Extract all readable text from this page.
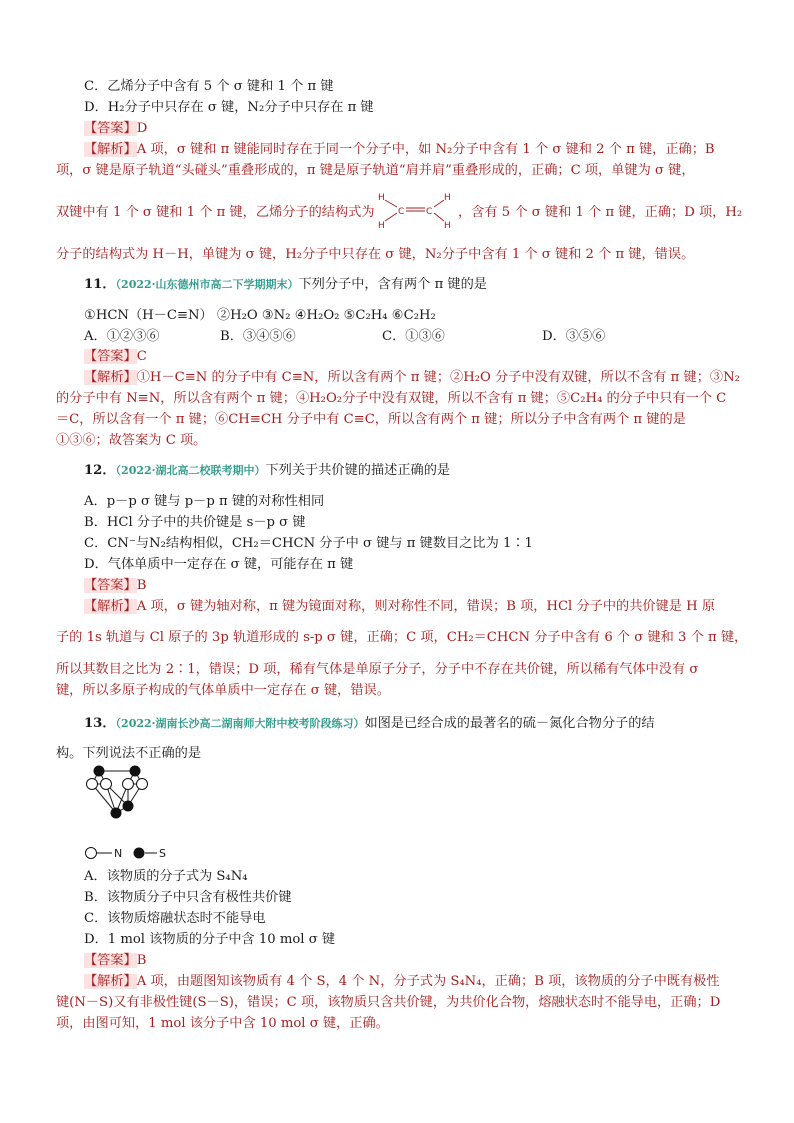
C．乙烯分子中含有 5 个 σ 键和 1 个 π 键
D．H₂分子中只存在 σ 键，N₂分子中只存在 π 键
【答案】D
【解析】A 项，σ 键和 π 键能同时存在于同一个分子中，如 N₂分子中含有 1 个 σ 键和 2 个 π 键，正确；B
项，σ 键是原子轨道“头碰头”重叠形成的，π 键是原子轨道“肩并肩”重叠形成的，正确；C 项，单键为 σ 键，
双键中有 1 个 σ 键和 1 个 π 键，乙烯分子的结构式为
H
C C
H
H	H
，含有 5 个 σ 键和 1 个 π 键，正确；D 项，H₂
分子的结构式为 H－H，单键为 σ 键，H₂分子中只存在 σ 键，N₂分子中含有 1 个 σ 键和 2 个 π 键，错误。
11．（2022·山东德州市高二下学期期末）下列分子中，含有两个 π 键的是
①HCN（H－C≡N） ②H₂O ③N₂ ④H₂O₂ ⑤C₂H₄ ⑥C₂H₂
A．①②③⑥	B．③④⑤⑥	C．①③⑥	D．③⑤⑥
【答案】C
【解析】①H－C≡N 的分子中有 C≡N，所以含有两个 π 键；②H₂O 分子中没有双键，所以不含有 π 键；③N₂
的分子中有 N≡N，所以含有两个 π 键；④H₂O₂分子中没有双键，所以不含有 π 键；⑤C₂H₄ 的分子中只有一个 C
＝C，所以含有一个 π 键；⑥CH≡CH 分子中有 C≡C，所以含有两个 π 键；所以分子中含有两个 π 键的是
①③⑥；故答案为 C 项。
12．（2022·湖北高二校联考期中）下列关于共价键的描述正确的是
A．p－p σ 键与 p－p π 键的对称性相同
B．HCl 分子中的共价键是 s－p σ 键
C．CN⁻与N₂结构相似，CH₂＝CHCN 分子中 σ 键与 π 键数目之比为 1∶1
D．气体单质中一定存在 σ 键，可能存在 π 键
【答案】B
【解析】A 项，σ 键为轴对称，π 键为镜面对称，则对称性不同，错误；B 项，HCl 分子中的共价键是 H 原
子的 1s 轨道与 Cl 原子的 3p 轨道形成的 s-p σ 键，正确；C 项，CH₂＝CHCN 分子中含有 6 个 σ 键和 3 个 π 键，
所以其数目之比为 2∶1，错误；D 项，稀有气体是单原子分子，分子中不存在共价键，所以稀有气体中没有 σ
键，所以多原子构成的气体单质中一定存在 σ 键，错误。
13．（2022·湖南长沙高二湖南师大附中校考阶段练习）如图是已经合成的最著名的硫－氮化合物分子的结
构。下列说法不正确的是
N	S
A．该物质的分子式为 S₄N₄
B．该物质分子中只含有极性共价键
C．该物质熔融状态时不能导电
D．1 mol 该物质的分子中含 10 mol σ 键
【答案】B
【解析】A 项，由题图知该物质有 4 个 S，4 个 N，分子式为 S₄N₄，正确；B 项，该物质的分子中既有极性
键(N－S)又有非极性键(S－S)，错误；C 项，该物质只含共价键，为共价化合物，熔融状态时不能导电，正确；D
项，由图可知，1 mol 该分子中含 10 mol σ 键，正确。
